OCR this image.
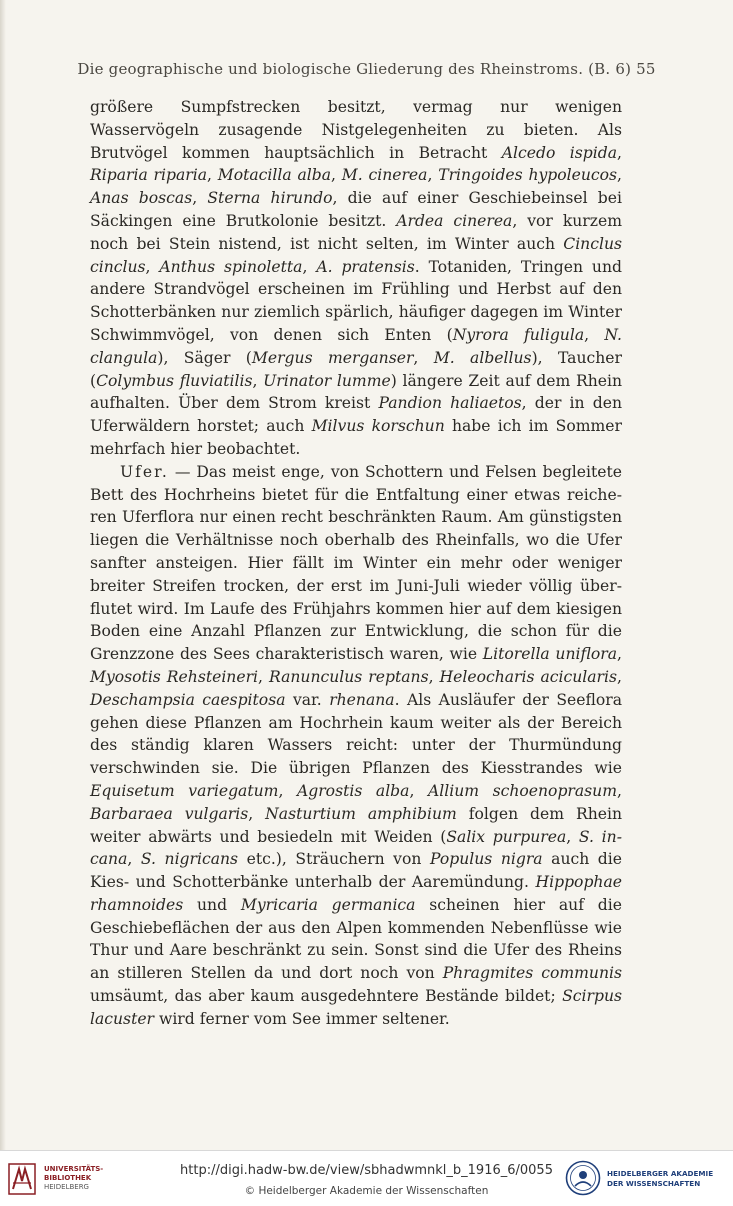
Die geographische und biologische Gliederung des Rheinstroms. (B. 6) 55

größere Sumpfstrecken besitzt, vermag nur wenigen Wasservögeln zusagende Nistgelegenheiten zu bieten. Als Brutvögel kommen hauptsächlich in Betracht Alcedo ispida, Riparia riparia, Motacilla alba, M. cinerea, Tringoides hypoleucos, Anas boscas, Sterna hirundo, die auf einer Geschiebeinsel bei Säckingen eine Brutkolonie besitzt. Ardea cinerea, vor kurzem noch bei Stein nistend, ist nicht selten, im Winter auch Cinclus cinclus, Anthus spinoletta, A. pratensis. Totaniden, Tringen und andere Strandvögel erscheinen im Frühling und Herbst auf den Schotterbänken nur ziemlich spärlich, häufiger dagegen im Winter Schwimmvögel, von denen sich Enten (Nyrora fuligula, N. clangula), Säger (Mergus merganser, M. albellus), Taucher (Colymbus fluviatilis, Urinator lumme) längere Zeit auf dem Rhein aufhalten. Über dem Strom kreist Pandion haliaetos, der in den Uferwäldern horstet; auch Milvus korschun habe ich im Sommer mehrfach hier beobachtet.

Ufer. — Das meist enge, von Schottern und Felsen begleitete Bett des Hochrheins bietet für die Entfaltung einer etwas reicheren Uferflora nur einen recht beschränkten Raum. Am günstigsten liegen die Verhältnisse noch oberhalb des Rheinfalls, wo die Ufer sanfter ansteigen. Hier fällt im Winter ein mehr oder weniger breiter Streifen trocken, der erst im Juni-Juli wieder völlig überflutet wird. Im Laufe des Frühjahrs kommen hier auf dem kiesigen Boden eine Anzahl Pflanzen zur Entwicklung, die schon für die Grenzzone des Sees charakteristisch waren, wie Litorella uniflora, Myosotis Rehsteineri, Ranunculus reptans, Heleocharis acicularis, Deschampsia caespitosa var. rhenana. Als Ausläufer der Seeflora gehen diese Pflanzen am Hochrhein kaum weiter als der Bereich des ständig klaren Wassers reicht: unter der Thurmündung verschwinden sie. Die übrigen Pflanzen des Kiesstrandes wie Equisetum variegatum, Agrostis alba, Allium schoenoprasum, Barbaraea vulgaris, Nasturtium amphibium folgen dem Rhein weiter abwärts und besiedeln mit Weiden (Salix purpurea, S. incana, S. nigricans etc.), Sträuchern von Populus nigra auch die Kies- und Schotterbänke unterhalb der Aaremündung. Hippophae rhamnoides und Myricaria germanica scheinen hier auf die Geschiebeflächen der aus den Alpen kommenden Nebenflüsse wie Thur und Aare beschränkt zu sein. Sonst sind die Ufer des Rheins an stilleren Stellen da und dort noch von Phragmites communis umsäumt, das aber kaum ausgedehntere Bestände bildet; Scirpus lacuster wird ferner vom See immer seltener.

UNIVERSITÄTS-
BIBLIOTHEK
HEIDELBERG
http://digi.hadw-bw.de/view/sbhadwmnkl_b_1916_6/0055
© Heidelberger Akademie der Wissenschaften
HEIDELBERGER AKADEMIE
DER WISSENSCHAFTEN
